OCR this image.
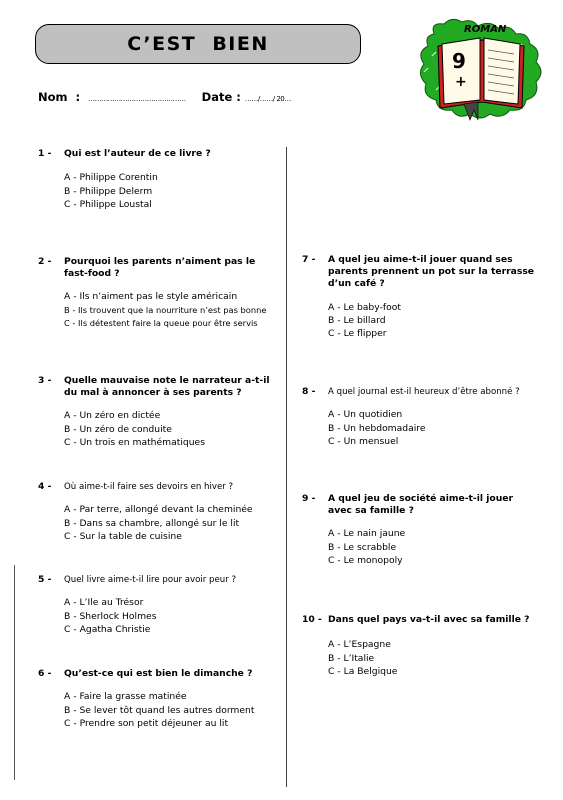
C’EST BIEN
Nom  : ……………………………………… Date : ……/……/ 20…
ROMAN
9
+
1 -	Qui est l’auteur de ce livre ?
A - Philippe Corentin
B - Philippe Delerm
C - Philippe Loustal
2 -	Pourquoi les parents n’aiment pas le
fast-food ?
A - Ils n’aiment pas le style américain
B - Ils trouvent que la nourriture n’est pas bonne
C - Ils détestent faire la queue pour être servis
3 -	Quelle mauvaise note le narrateur a-t-il
du mal à annoncer à ses parents ?
A - Un zéro en dictée
B - Un zéro de conduite
C - Un trois en mathématiques
4 -	Où aime-t-il faire ses devoirs en hiver ?
A - Par terre, allongé devant la cheminée
B - Dans sa chambre, allongé sur le lit
C - Sur la table de cuisine
5 -	Quel livre aime-t-il lire pour avoir peur ?
A - L’Ile au Trésor
B - Sherlock Holmes
C - Agatha Christie
6 -	Qu’est-ce qui est bien le dimanche ?
A - Faire la grasse matinée
B - Se lever tôt quand les autres dorment
C - Prendre son petit déjeuner au lit
7 -	A quel jeu aime-t-il jouer quand ses
parents prennent un pot sur la terrasse
d’un café ?
A - Le baby-foot
B - Le billard
C - Le flipper
8 -	A quel journal est-il heureux d’être abonné ?
A - Un quotidien
B - Un hebdomadaire
C - Un mensuel
9 -	A quel jeu de société aime-t-il jouer
avec sa famille ?
A - Le nain jaune
B - Le scrabble
C - Le monopoly
10 - Dans quel pays va-t-il avec sa famille ?
A - L’Espagne
B - L’Italie
C - La Belgique
